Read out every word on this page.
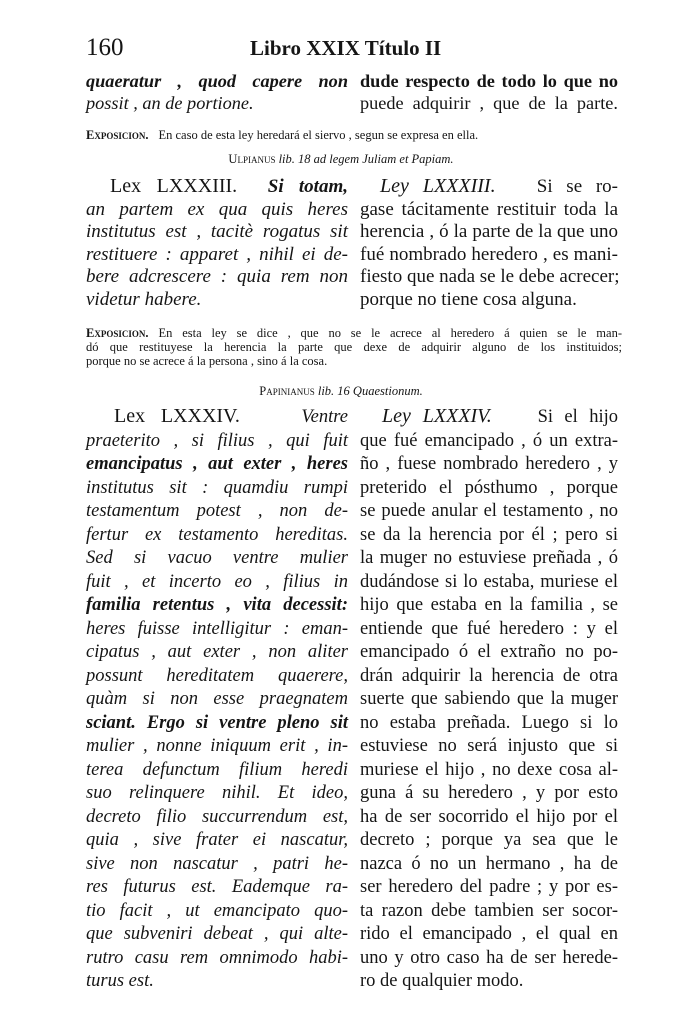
160	Libro XXIX Título II
quaeratur , quod capere non
possit , an de portione.
dude respecto de todo lo que no
puede adquirir , que de la parte.
Exposicion. En caso de esta ley heredará el siervo , segun se expresa en ella.
Ulpianus lib. 18 ad legem Juliam et Papiam.
Lex LXXXIII. Si totam,
an partem ex qua quis heres
institutus est , tacitè rogatus sit
restituere : apparet , nihil ei de-
bere adcrescere : quia rem non
videtur habere.
Ley LXXXIII. Si se ro-
gase tácitamente restituir toda la
herencia , ó la parte de la que uno
fué nombrado heredero , es mani-
fiesto que nada se le debe acrecer;
porque no tiene cosa alguna.
Exposicion. En esta ley se dice , que no se le acrece al heredero á quien se le man-
dó que restituyese la herencia la parte que dexe de adquirir alguno de los instituidos;
porque no se acrece á la persona , sino á la cosa.
Papinianus lib. 16 Quaestionum.
Lex LXXXIV.	Ventre
praeterito , si filius , qui fuit
emancipatus , aut exter , heres
institutus sit : quamdiu rumpi
testamentum potest , non de-
fertur ex testamento hereditas.
Sed si vacuo ventre mulier
fuit , et incerto eo , filius in
familia retentus , vita decessit:
heres fuisse intelligitur : eman-
cipatus , aut exter , non aliter
possunt hereditatem quaerere,
quàm si non esse praegnatem
sciant. Ergo si ventre pleno sit
mulier , nonne iniquum erit , in-
terea defunctum filium heredi
suo relinquere nihil. Et ideo,
decreto filio succurrendum est,
quia , sive frater ei nascatur,
sive non nascatur , patri he-
res futurus est. Eademque ra-
tio facit , ut emancipato quo-
que subveniri debeat , qui alte-
rutro casu rem omnimodo habi-
turus est.
Ley LXXXIV. Si el hijo
que fué emancipado , ó un extra-
ño , fuese nombrado heredero , y
preterido el pósthumo , porque
se puede anular el testamento , no
se da la herencia por él ; pero si
la muger no estuviese preñada , ó
dudándose si lo estaba, muriese el
hijo que estaba en la familia , se
entiende que fué heredero : y el
emancipado ó el extraño no po-
drán adquirir la herencia de otra
suerte que sabiendo que la muger
no estaba preñada. Luego si lo
estuviese no será injusto que si
muriese el hijo , no dexe cosa al-
guna á su heredero , y por esto
ha de ser socorrido el hijo por el
decreto ; porque ya sea que le
nazca ó no un hermano , ha de
ser heredero del padre ; y por es-
ta razon debe tambien ser socor-
rido el emancipado , el qual en
uno y otro caso ha de ser herede-
ro de qualquier modo.
